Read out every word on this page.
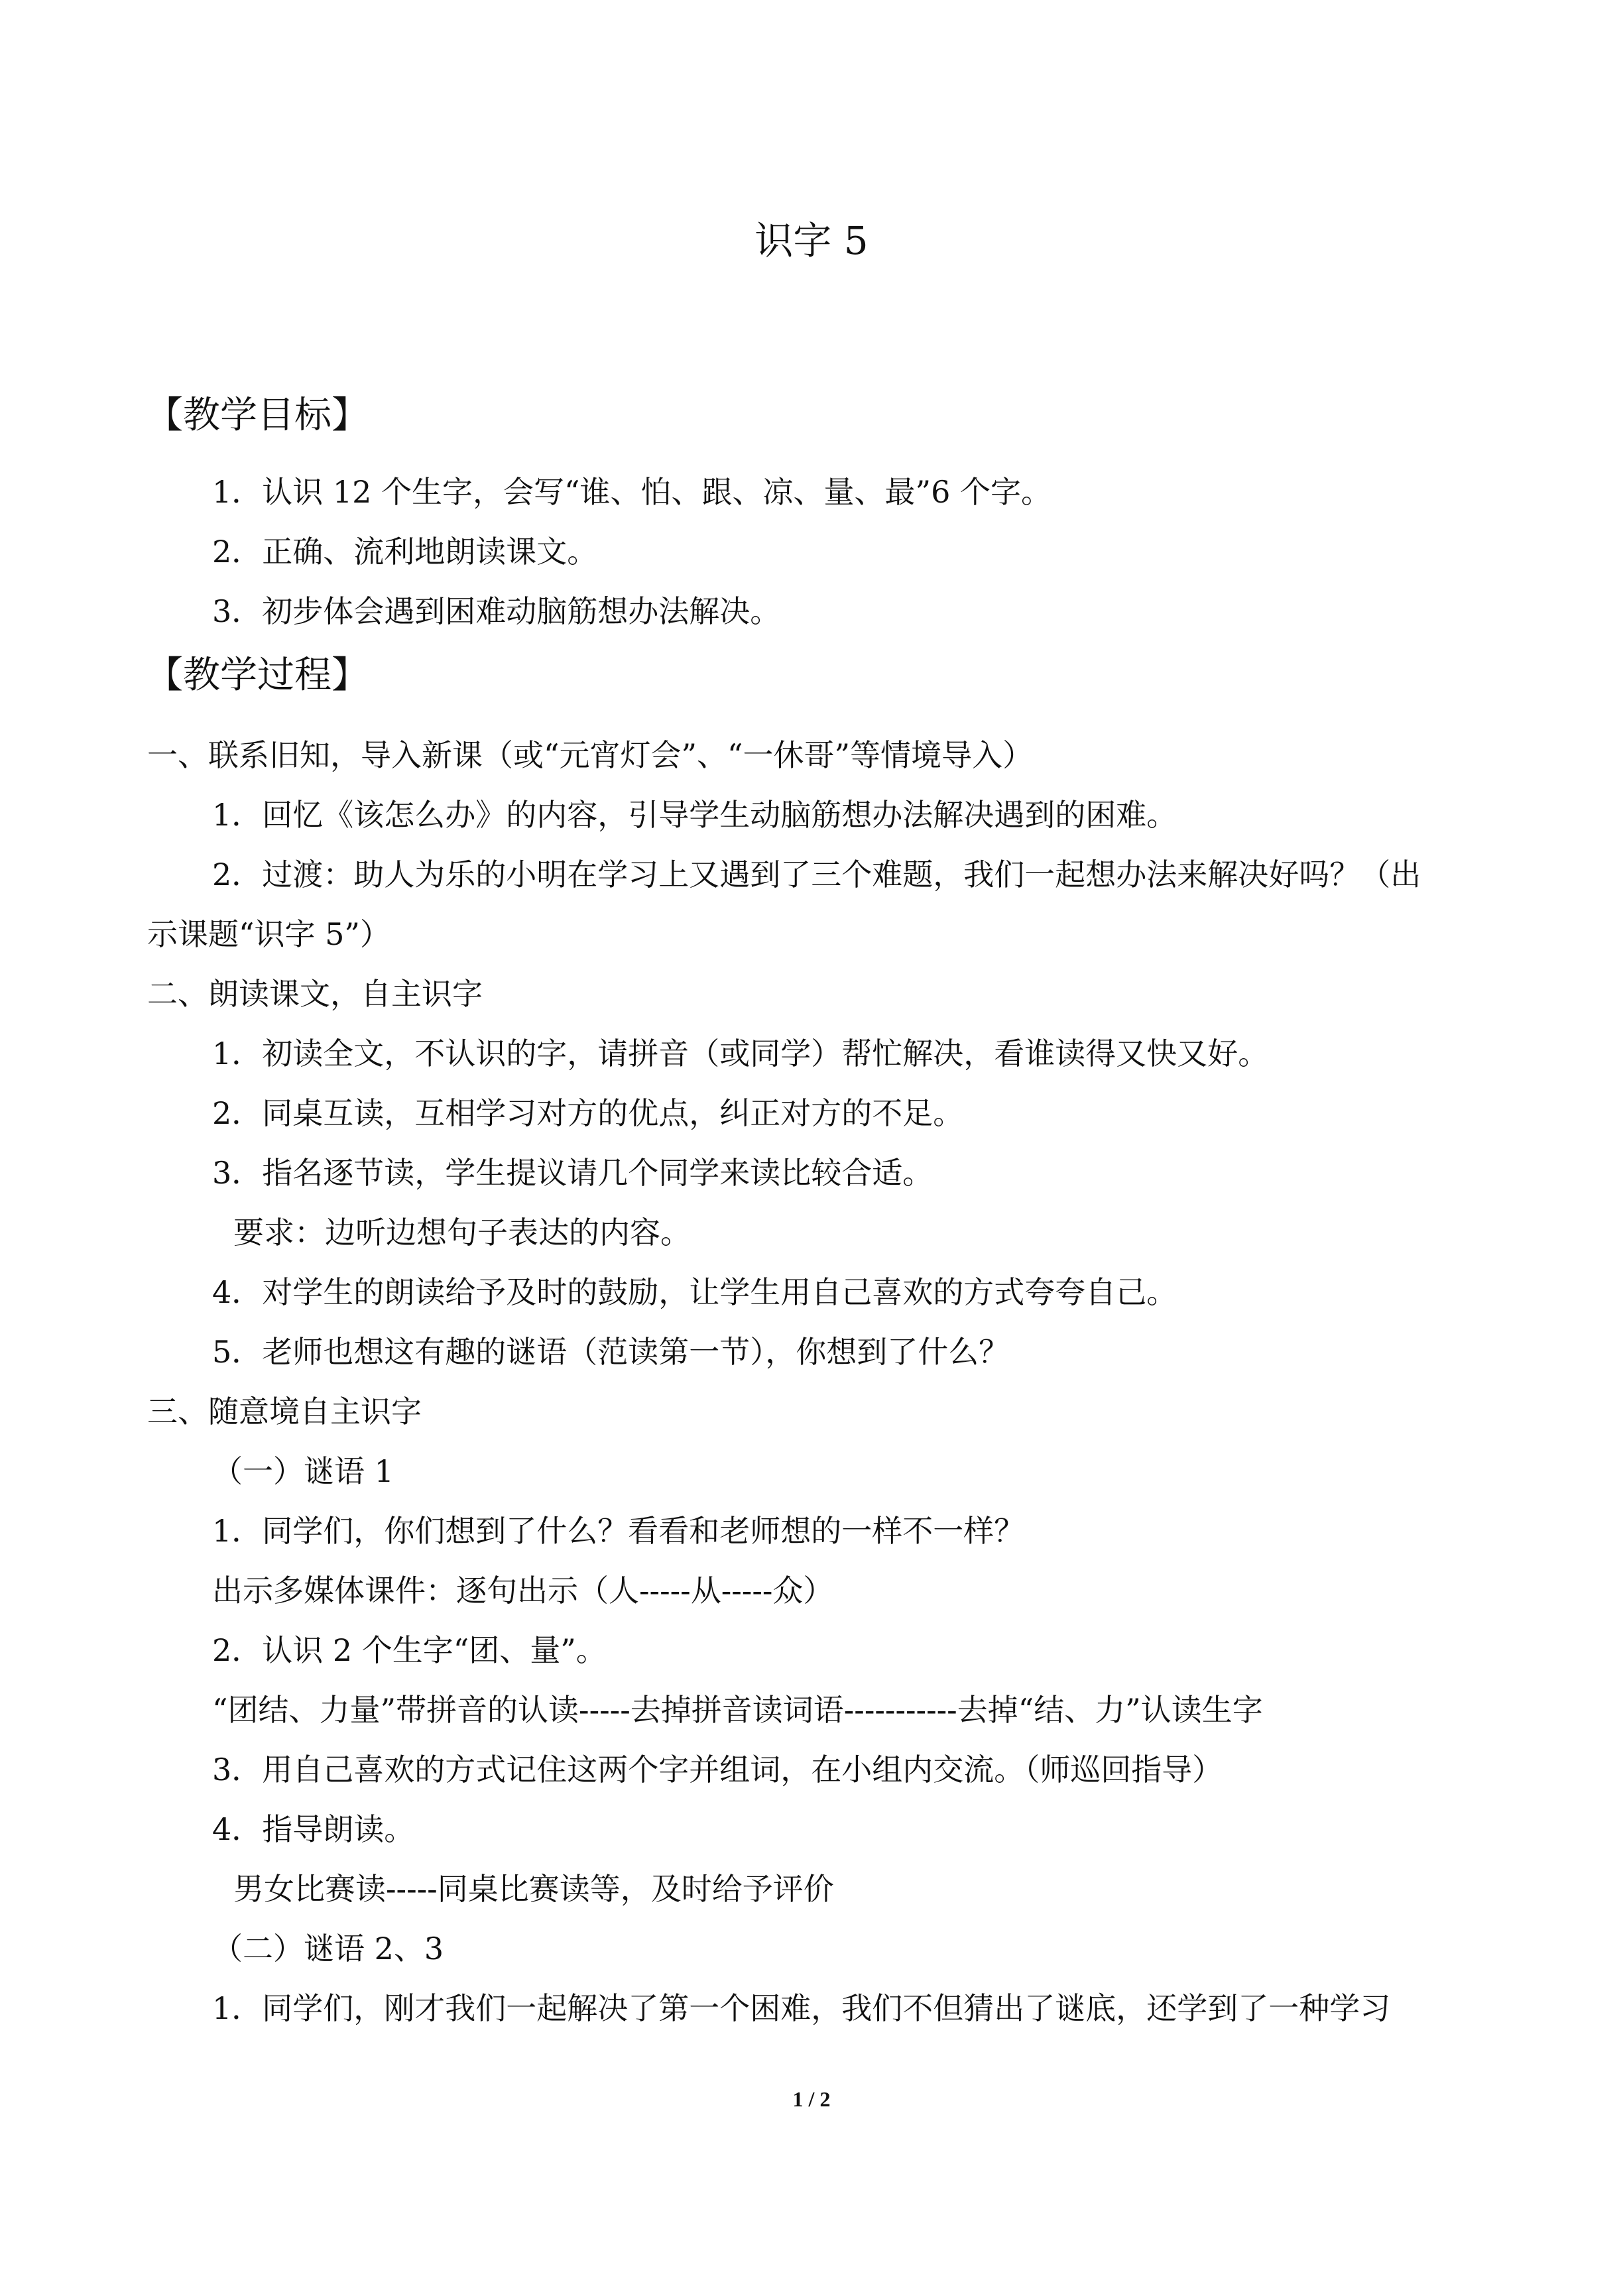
识字 5
【教学目标】
1．认识 12 个生字，会写“谁、怕、跟、凉、量、最”6 个字。
2．正确、流利地朗读课文。
3．初步体会遇到困难动脑筋想办法解决。
【教学过程】
一、联系旧知，导入新课（或“元宵灯会”、“一休哥”等情境导入）
1．回忆《该怎么办》的内容，引导学生动脑筋想办法解决遇到的困难。
2．过渡：助人为乐的小明在学习上又遇到了三个难题，我们一起想办法来解决好吗？（出
示课题“识字 5”）
二、朗读课文，自主识字
1．初读全文，不认识的字，请拼音（或同学）帮忙解决，看谁读得又快又好。
2．同桌互读，互相学习对方的优点，纠正对方的不足。
3．指名逐节读，学生提议请几个同学来读比较合适。
要求：边听边想句子表达的内容。
4．对学生的朗读给予及时的鼓励，让学生用自己喜欢的方式夸夸自己。
5．老师也想这有趣的谜语（范读第一节），你想到了什么？
三、随意境自主识字
（一）谜语 1
1．同学们，你们想到了什么？看看和老师想的一样不一样？
出示多媒体课件：逐句出示（人-----从-----众）
2．认识 2 个生字“团、量”。
“团结、力量”带拼音的认读-----去掉拼音读词语-----------去掉“结、力”认读生字
3．用自己喜欢的方式记住这两个字并组词，在小组内交流。（师巡回指导）
4．指导朗读。
男女比赛读-----同桌比赛读等，及时给予评价
（二）谜语 2、3
1．同学们，刚才我们一起解决了第一个困难，我们不但猜出了谜底，还学到了一种学习
1 / 2
